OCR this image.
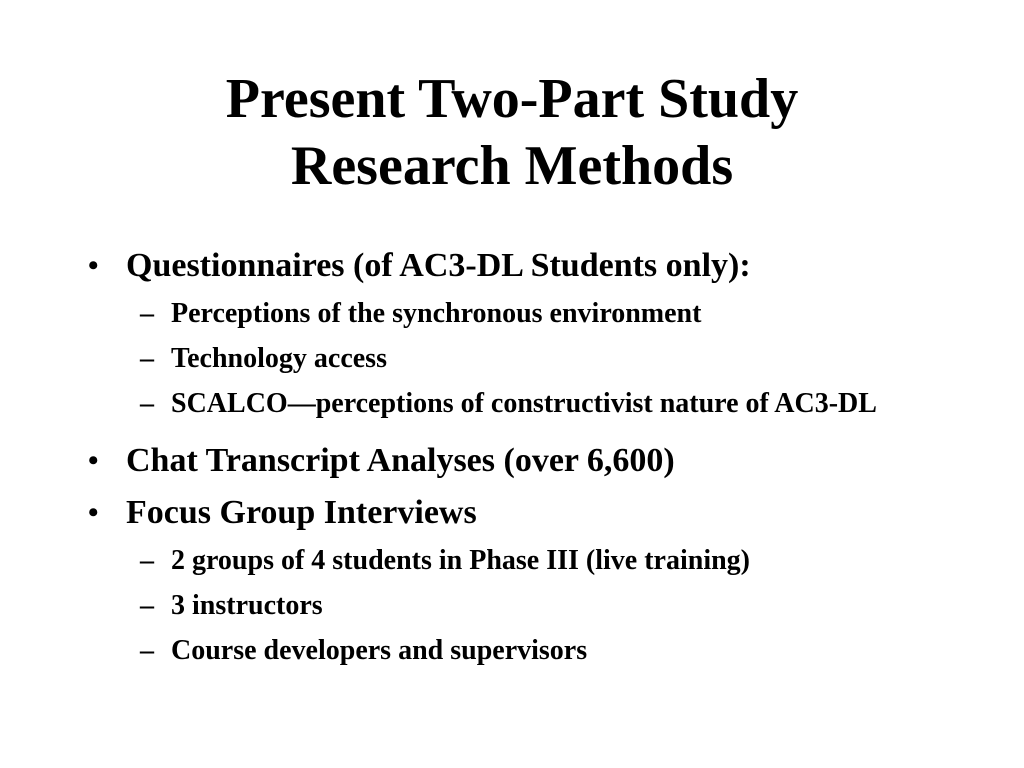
Present Two-Part Study
Research Methods
• Questionnaires (of AC3-DL Students only):
– Perceptions of the synchronous environment
– Technology access
– SCALCO—perceptions of constructivist nature of AC3-DL
• Chat Transcript Analyses (over 6,600)
• Focus Group Interviews
– 2 groups of 4 students in Phase III (live training)
– 3 instructors
– Course developers and supervisors
